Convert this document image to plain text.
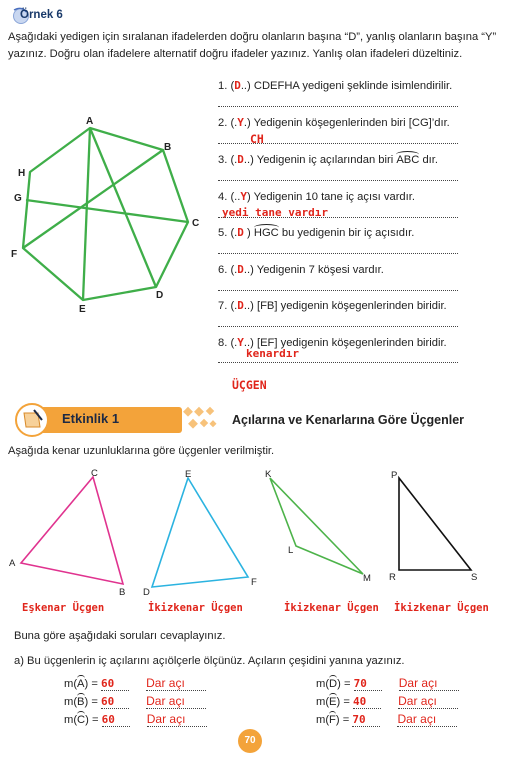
Örnek 6
Aşağıdaki yedigen için sıralanan ifadelerden doğru olanların başına “D”, yanlış olanların başına “Y” yazınız. Doğru olan ifadelere alternatif doğru ifadeler yazınız. Yanlış olan ifadeleri düzeltiniz.
A
B
C
D
E
F
G
H
1. (D..) CDEFHA yedigeni şeklinde isimlendirilir.
2. (.Y.) Yedigenin köşegenlerinden biri [CG]’dır.
CH
3. (.D..) Yedigenin iç açılarından biri ABC dır.
4. (..Y) Yedigenin 10 tane iç açısı vardır.
yedi tane vardır
5. (.D ) HGC bu yedigenin bir iç açısıdır.
6. (.D..) Yedigenin 7 köşesi vardır.
7. (.D..) [FB] yedigenin köşegenlerinden biridir.
8. (.Y..) [EF] yedigenin köşegenlerinden biridir.
kenardır
ÜÇGEN
Etkinlik 1	Açılarına ve Kenarlarına Göre Üçgenler
Aşağıda kenar uzunluklarına göre üçgenler verilmiştir.
C
A
B
E
D
F
K
L
M
P
R	S
Eşkenar Üçgen	İkizkenar Üçgen	İkizkenar Üçgen İkizkenar Üçgen
Buna göre aşağıdaki soruları cevaplayınız.
a) Bu üçgenlerin iç açılarını açıölçerle ölçünüz. Açıların çeşidini yanına yazınız.
m(A) = 60	Dar açı
m(B) = 60	Dar açı
m(C) = 60	Dar açı
m(D) = 70	Dar açı
m(E) = 40	Dar açı
m(F) = 70	Dar açı
70
